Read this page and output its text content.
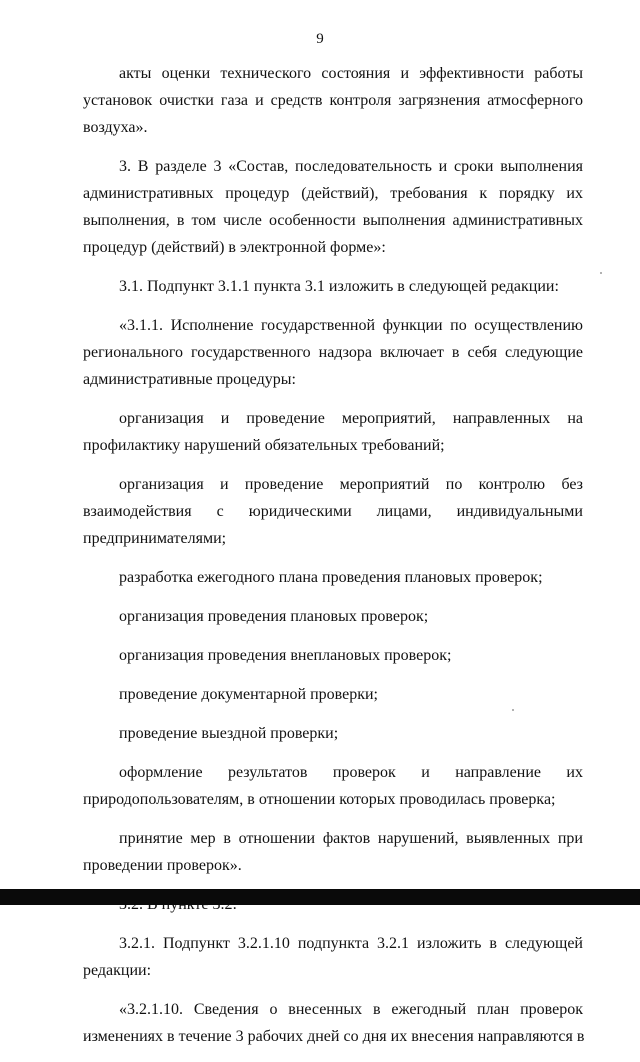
9
акты оценки технического состояния и эффективности работы
установок очистки газа и средств контроля загрязнения атмосферного
воздуха».
3. В разделе 3 «Состав, последовательность и сроки выполнения
административных процедур (действий), требования к порядку их
выполнения, в том числе особенности выполнения административных
процедур (действий) в электронной форме»:
3.1. Подпункт 3.1.1 пункта 3.1 изложить в следующей редакции:
«3.1.1. Исполнение государственной функции по осуществлению
регионального государственного надзора включает в себя следующие
административные процедуры:
организация и проведение мероприятий, направленных на
профилактику нарушений обязательных требований;
организация и проведение мероприятий по контролю без
взаимодействия с юридическими лицами, индивидуальными
предпринимателями;
разработка ежегодного плана проведения плановых проверок;
организация проведения плановых проверок;
организация проведения внеплановых проверок;
проведение документарной проверки;
проведение выездной проверки;
оформление результатов проверок и направление их
природопользователям, в отношении которых проводилась проверка;
принятие мер в отношении фактов нарушений, выявленных при
проведении проверок».
3.2.1. Подпункт 3.2.1.10 подпункта 3.2.1 изложить в следующей
редакции:
«3.2.1.10. Сведения о внесенных в ежегодный план проверок
изменениях в течение 3 рабочих дней со дня их внесения направляются в
